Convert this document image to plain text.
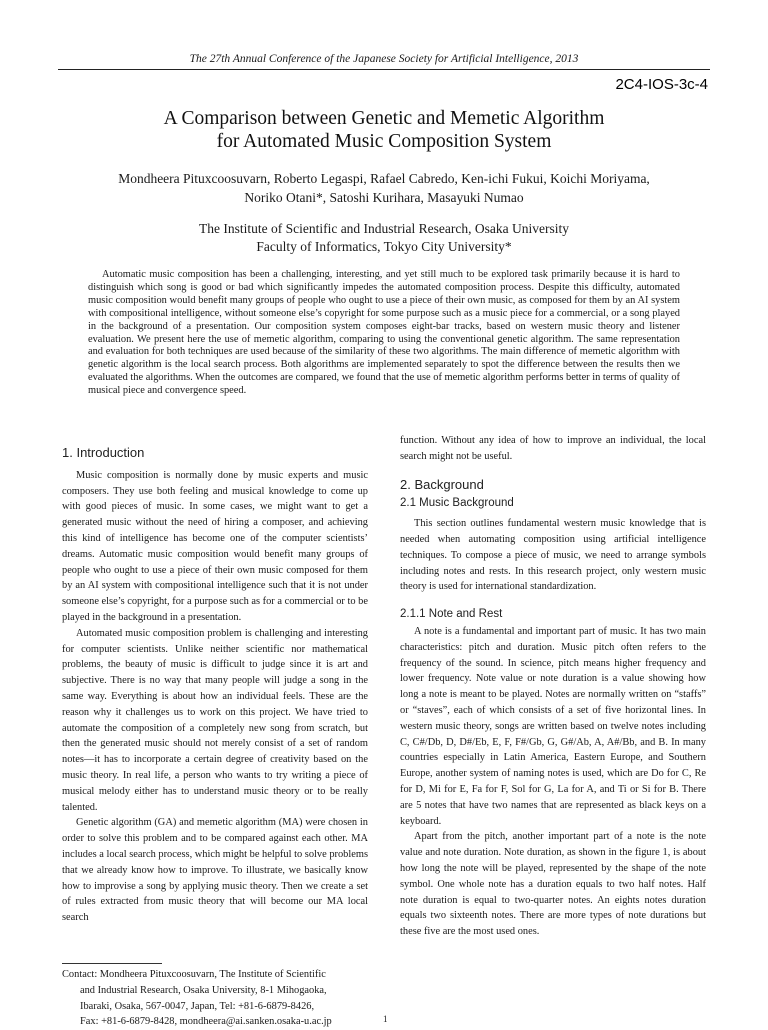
The 27th Annual Conference of the Japanese Society for Artificial Intelligence, 2013
2C4-IOS-3c-4
A Comparison between Genetic and Memetic Algorithm
for Automated Music Composition System
Mondheera Pituxcoosuvarn, Roberto Legaspi, Rafael Cabredo, Ken-ichi Fukui, Koichi Moriyama,
Noriko Otani*, Satoshi Kurihara, Masayuki Numao
The Institute of Scientific and Industrial Research, Osaka University
Faculty of Informatics, Tokyo City University*

Automatic music composition has been a challenging, interesting, and yet still much to be explored task primarily because it is hard to distinguish which song is good or bad which significantly impedes the automated composition process. Despite this difficulty, automated music composition would benefit many groups of people who ought to use a piece of their own music, as composed for them by an AI system with compositional intelligence, without someone else’s copyright for some purpose such as a music piece for a commercial, or a song played in the background of a presentation. Our composition system composes eight-bar tracks, based on western music theory and listener evaluation. We present here the use of memetic algorithm, comparing to using the conventional genetic algorithm. The same representation and evaluation for both techniques are used because of the similarity of these two algorithms. The main difference of memetic algorithm with genetic algorithm is the local search process. Both algorithms are implemented separately to spot the difference between the results then we evaluated the algorithms. When the outcomes are compared, we found that the use of memetic algorithm performs better in terms of quality of musical piece and convergence speed.

1. Introduction

Music composition is normally done by music experts and music composers. They use both feeling and musical knowledge to come up with good pieces of music. In some cases, we might want to get a generated music without the need of hiring a composer, and achieving this kind of intelligence has become one of the computer scientists’ dreams. Automatic music composition would benefit many groups of people who ought to use a piece of their own music composed for them by an AI system with compositional intelligence such that it is not under someone else’s copyright, for a purpose such as for a commercial or to be played in the background in a presentation.

Automated music composition problem is challenging and interesting for computer scientists. Unlike neither scientific nor mathematical problems, the beauty of music is difficult to judge since it is art and subjective. There is no way that many people will judge a song in the same way. Everything is about how an individual feels. These are the reason why it challenges us to work on this project. We have tried to automate the composition of a completely new song from scratch, but then the generated music should not merely consist of a set of random notes—it has to incorporate a certain degree of creativity based on the music theory. In real life, a person who wants to try writing a piece of musical melody either has to understand music theory or to be really talented.

Genetic algorithm (GA) and memetic algorithm (MA) were chosen in order to solve this problem and to be compared against each other. MA includes a local search process, which might be helpful to solve problems that we already know how to improve. To illustrate, we basically know how to improvise a song by applying music theory. Then we create a set of rules extracted from music theory that will become our MA local search

function. Without any idea of how to improve an individual, the local search might not be useful.

2. Background
2.1 Music Background

This section outlines fundamental western music knowledge that is needed when automating composition using artificial intelligence techniques. To compose a piece of music, we need to arrange symbols including notes and rests. In this research project, only western music theory is used for international standardization.

2.1.1 Note and Rest

A note is a fundamental and important part of music. It has two main characteristics: pitch and duration. Music pitch often refers to the frequency of the sound. In science, pitch means higher frequency and lower frequency. Note value or note duration is a value showing how long a note is meant to be played. Notes are normally written on “staffs” or “staves”, each of which consists of a set of five horizontal lines. In western music theory, songs are written based on twelve notes including C, C#/Db, D, D#/Eb, E, F, F#/Gb, G, G#/Ab, A, A#/Bb, and B. In many countries especially in Latin America, Eastern Europe, and Southern Europe, another system of naming notes is used, which are Do for C, Re for D, Mi for E, Fa for F, Sol for G, La for A, and Ti or Si for B. There are 5 notes that have two names that are represented as black keys on a keyboard.

Apart from the pitch, another important part of a note is the note value and note duration. Note duration, as shown in the figure 1, is about how long the note will be played, represented by the shape of the note symbol. One whole note has a duration equals to two half notes. Half note duration is equal to two-quarter notes. An eights notes duration equals two sixteenth notes. There are more types of note durations but these five are the most used ones.

Contact: Mondheera Pituxcoosuvarn, The Institute of Scientific

and Industrial Research, Osaka University, 8-1 Mihogaoka,

Ibaraki, Osaka, 567-0047, Japan, Tel: +81-6-6879-8426,

Fax: +81-6-6879-8428, mondheera@ai.sanken.osaka-u.ac.jp	1
